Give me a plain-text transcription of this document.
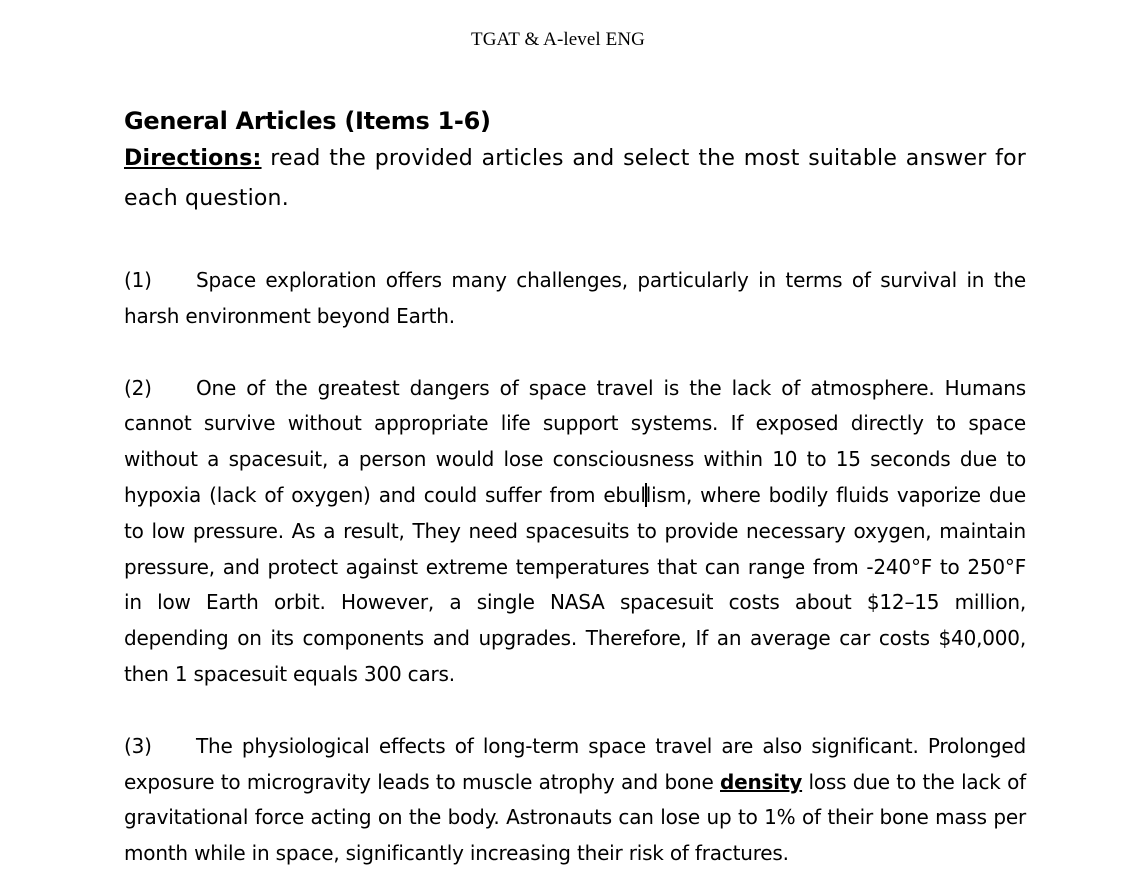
TGAT & A-level ENG
General Articles (Items 1-6)

Directions: read the provided articles and select the most suitable answer for each question.

(1) Space exploration offers many challenges, particularly in terms of survival in the harsh environment beyond Earth.

(2) One of the greatest dangers of space travel is the lack of atmosphere. Humans cannot survive without appropriate life support systems. If exposed directly to space without a spacesuit, a person would lose consciousness within 10 to 15 seconds due to hypoxia (lack of oxygen) and could suffer from ebullism, where bodily fluids vaporize due to low pressure. As a result, They need spacesuits to provide necessary oxygen, maintain pressure, and protect against extreme temperatures that can range from -240°F to 250°F in low Earth orbit. However, a single NASA spacesuit costs about $12–15 million, depending on its components and upgrades. Therefore, If an average car costs $40,000, then 1 spacesuit equals 300 cars.

(3) The physiological effects of long-term space travel are also significant. Prolonged exposure to microgravity leads to muscle atrophy and bone density loss due to the lack of gravitational force acting on the body. Astronauts can lose up to 1% of their bone mass per month while in space, significantly increasing their risk of fractures.
